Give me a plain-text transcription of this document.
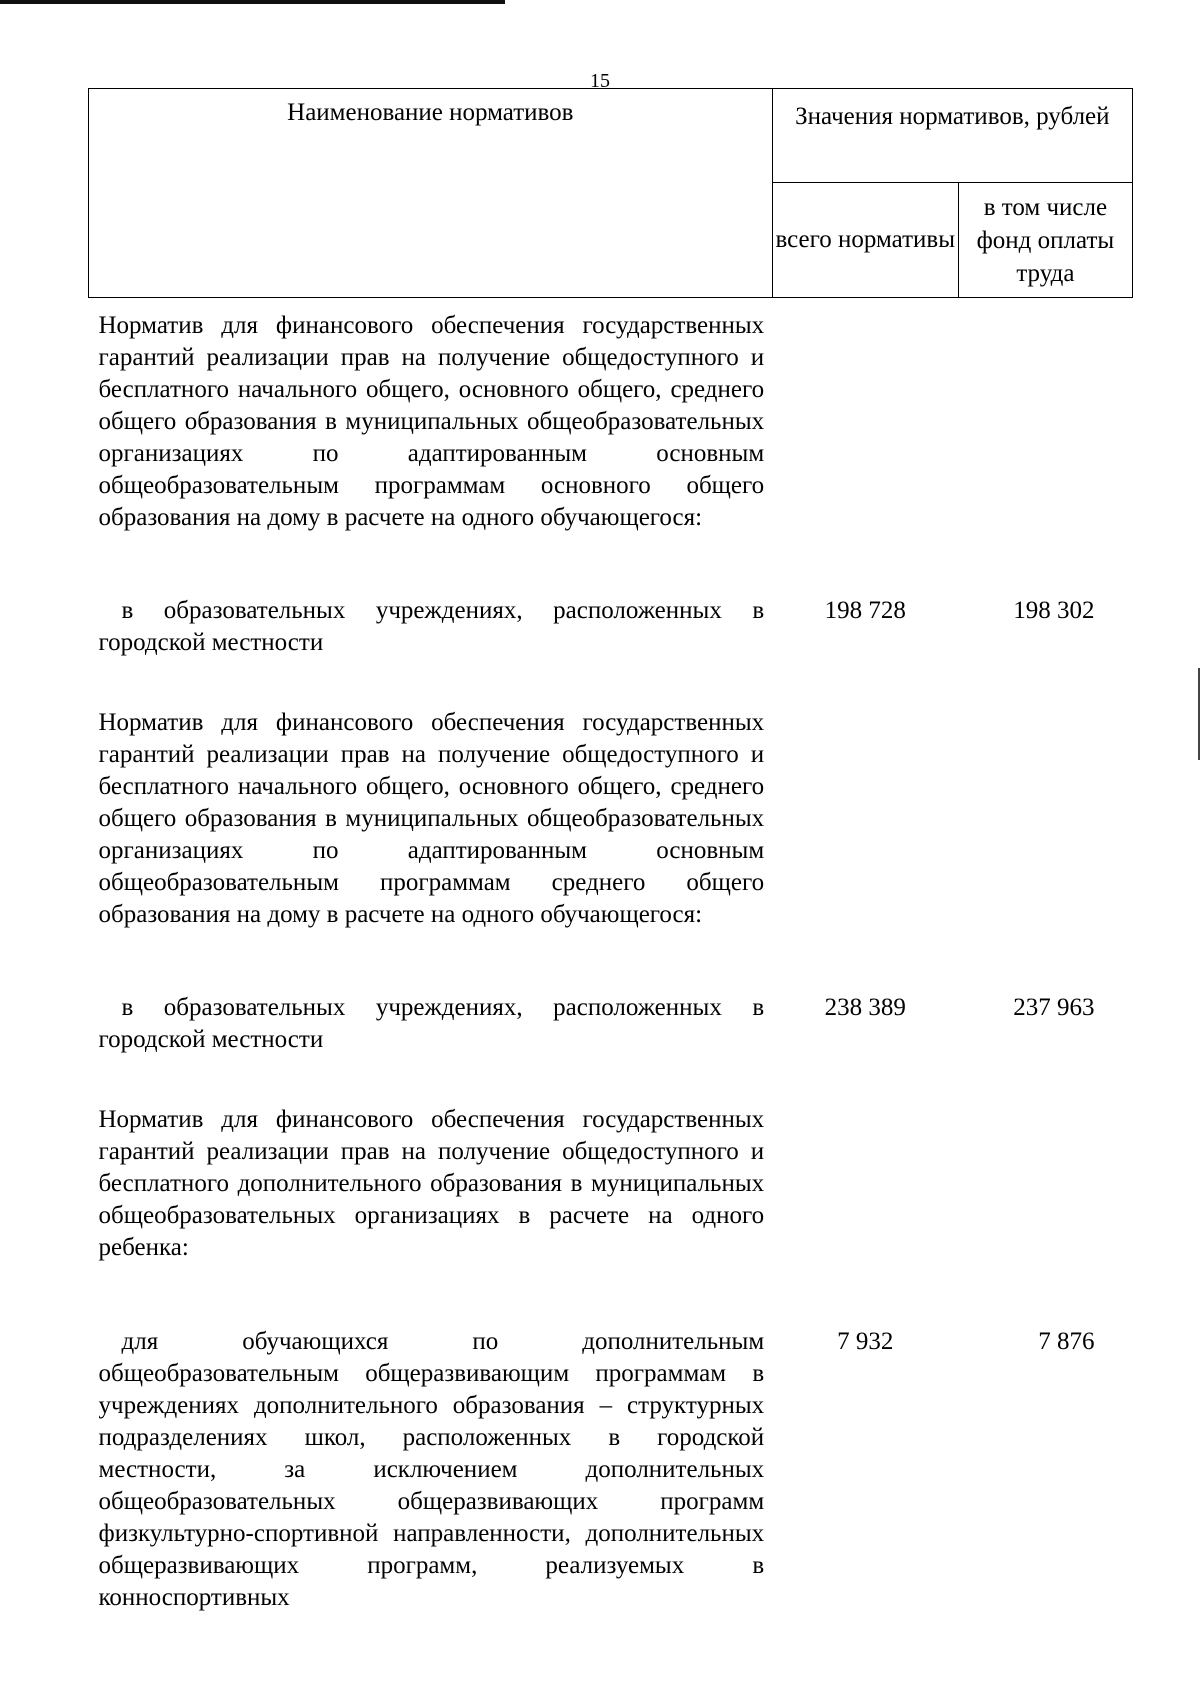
15
Наименование нормативов	Значения нормативов, рублей	
	всего нормативы	в том числе фонд оплаты труда
Норматив для финансового обеспечения государственных гарантий реализации прав на получение общедоступного и бесплатного начального общего, основного общего, среднего общего образования в муниципальных общеобразовательных организациях по адаптированным основным общеобразовательным программам основного общего образования на дому в расчете на одного обучающегося:		
в образовательных учреждениях, расположенных в городской местности	198 728	198 302
Норматив для финансового обеспечения государственных гарантий реализации прав на получение общедоступного и бесплатного начального общего, основного общего, среднего общего образования в муниципальных общеобразовательных организациях по адаптированным основным общеобразовательным программам среднего общего образования на дому в расчете на одного обучающегося:		
в образовательных учреждениях, расположенных в городской местности	238 389	237 963
Норматив для финансового обеспечения государственных гарантий реализации прав на получение общедоступного и бесплатного дополнительного образования в муниципальных общеобразовательных организациях в расчете на одного ребенка:		
для обучающихся по дополнительным общеобразовательным общеразвивающим программам в учреждениях дополнительного образования – структурных подразделениях школ, расположенных в городской местности, за исключением дополнительных общеобразовательных общеразвивающих программ физкультурно-спортивной направленности, дополнительных общеразвивающих программ, реализуемых в конноспортивных	7 932	7 876
